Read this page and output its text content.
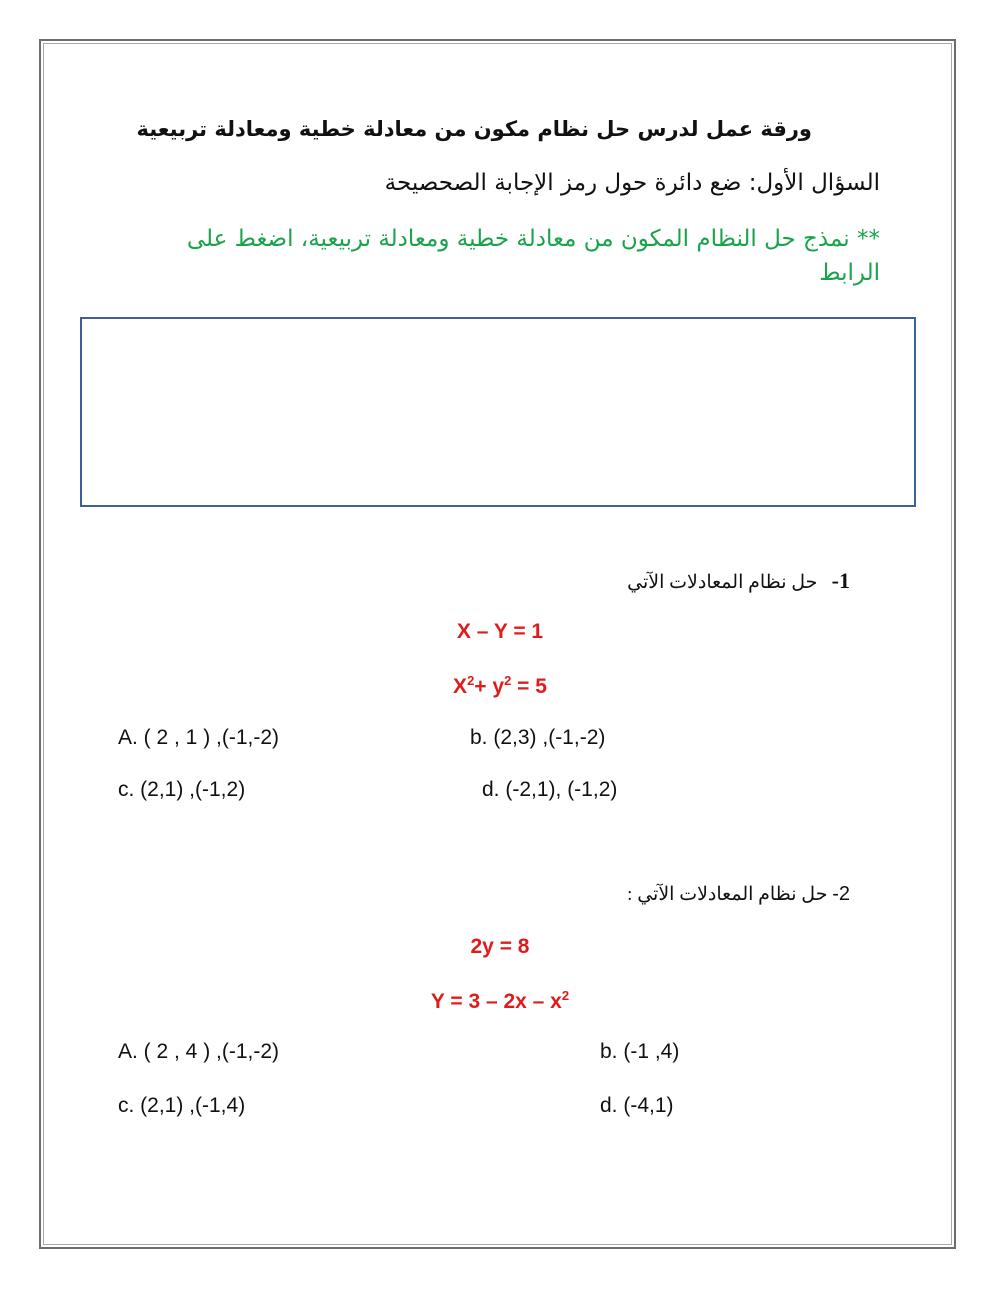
ورقة عمل لدرس حل نظام مكون من معادلة خطية ومعادلة تربيعية
السؤال الأول: ضع دائرة حول رمز الإجابة الصحصيحة
** نمذج حل النظام المكون من معادلة خطية ومعادلة تربيعية، اضغط على الرابط
1-   حل نظام المعادلات الآتي
X – Y = 1
$X^2+ y^2 = 5$
A. ( 2 , 1 ) ,(-1,-2)	b. (2,3) ,(-1,-2)
c. (2,1) ,(-1,2)	d. (-2,1), (-1,2)
2- حل نظام المعادلات الآتي :
2y = 8
$Y = 3 - 2x - x^2$
A. ( 2 , 4 ) ,(-1,-2)	b. (-1 ,4)
c. (2,1) ,(-1,4)	d. (-4,1)
